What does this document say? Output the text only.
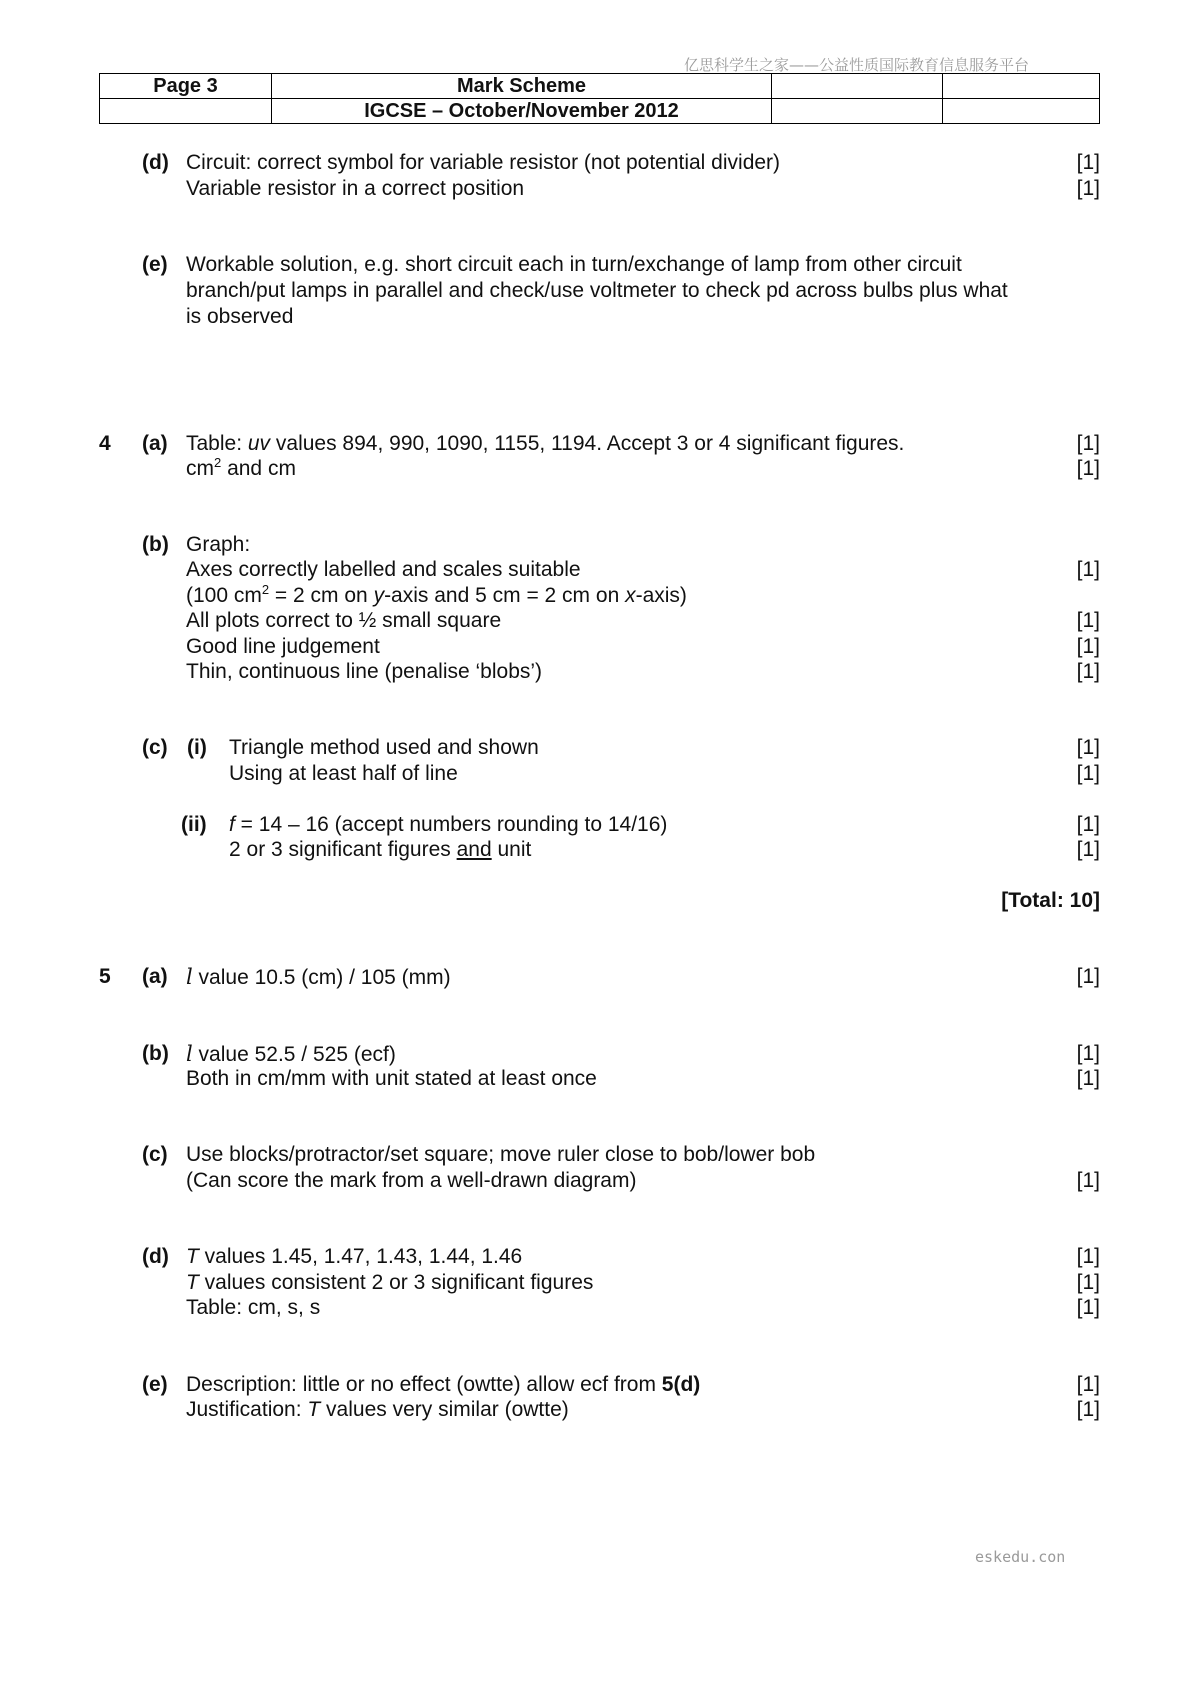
亿思科学生之家——公益性质国际教育信息服务平台
Page 3	Mark Scheme		
	IGCSE – October/November 2012		
(d) Circuit: correct symbol for variable resistor (not potential divider)	[1]
Variable resistor in a correct position	[1]
(e) Workable solution, e.g. short circuit each in turn/exchange of lamp from other circuit
branch/put lamps in parallel and check/use voltmeter to check pd across bulbs plus what
is observed
4 (a) Table: uv values 894, 990, 1090, 1155, 1194. Accept 3 or 4 significant figures.	[1]
$cm^2$ and cm	[1]
(b) Graph:
Axes correctly labelled and scales suitable	[1]
(100 $cm^2 = 2$ cm on y-axis and 5 cm = 2 cm on x-axis)
All plots correct to ½ small square	[1]
Good line judgement	[1]
Thin, continuous line (penalise ‘blobs’)	[1]
(c) (i) Triangle method used and shown	[1]
Using at least half of line	[1]
(ii) f = 14 – 16 (accept numbers rounding to 14/16)	[1]
2 or 3 significant figures and unit	[1]
[Total: 10]
5 (a) l value 10.5 (cm) / 105 (mm)	[1]
(b) l value 52.5 / 525 (ecf)	[1]
Both in cm/mm with unit stated at least once	[1]
(c) Use blocks/protractor/set square; move ruler close to bob/lower bob
(Can score the mark from a well-drawn diagram)	[1]
(d) T values 1.45, 1.47, 1.43, 1.44, 1.46	[1]
T values consistent 2 or 3 significant figures	[1]
Table: cm, s, s	[1]
(e) Description: little or no effect (owtte) allow ecf from 5(d)	[1]
Justification: T values very similar (owtte)	[1]
eskedu.con
